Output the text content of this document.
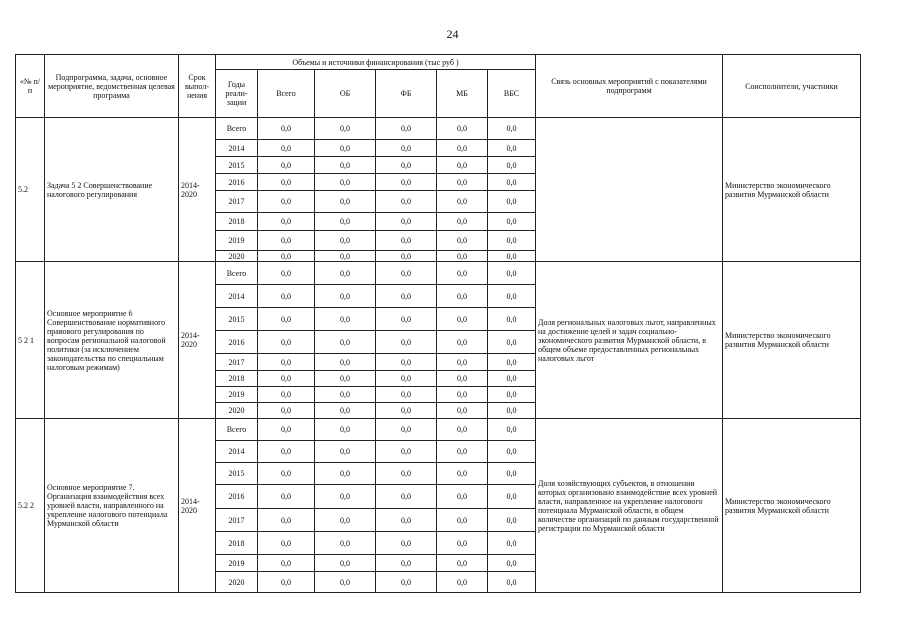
24
«№ п/п	Подпрограмма, задача, основное мероприятие, ведомственная целевая программа	Срок выпол-нения	Объемы и источники финансирования (тыс руб )						Связь основных мероприятий с показателями подпрограмм	Соисполнители, участники
			Годы реали-зации	Всего	ОБ	ФБ	МБ	ВБС		
5.2	Задача 5 2 Совершенствование налогового регулирования	2014-2020	Всего	0,0	0,0	0,0	0,0	0,0		Министерство экономического развития Мурманской области
			2014	0,0	0,0	0,0	0,0	0,0		
			2015	0,0	0,0	0,0	0,0	0,0		
			2016	0,0	0,0	0,0	0,0	0,0		
			2017	0,0	0,0	0,0	0,0	0,0		
			2018	0,0	0,0	0,0	0,0	0,0		
			2019	0,0	0,0	0,0	0,0	0,0		
			2020	0,0	0,0	0,0	0,0	0,0		
5 2 1	Основное мероприятие 6 Совершенствование нормативного правового регулирования по вопросам региональной налоговой политики (за исключением законодательства по специальным налоговым режимам)	2014-2020	Всего	0,0	0,0	0,0	0,0	0,0	Доля региональных налоговых льгот, направленных на достижение целей и задач социально-экономического развития Мурманской области, в общем объеме предоставленных региональных налоговых льгот	Министерство экономического развития Мурманской области
			2014	0,0	0,0	0,0	0,0	0,0		
			2015	0,0	0,0	0,0	0,0	0,0		
			2016	0,0	0,0	0,0	0,0	0,0		
			2017	0,0	0,0	0,0	0,0	0,0		
			2018	0,0	0,0	0,0	0,0	0,0		
			2019	0,0	0,0	0,0	0,0	0,0		
			2020	0,0	0,0	0,0	0,0	0,0		
5.2 2	Основное мероприятие 7. Организация взаимодействия всех уровней власти, направленного на укрепление налогового потенциала Мурманской области	2014-2020	Всего	0,0	0,0	0,0	0,0	0,0	Доля хозяйствующих субъектов, в отношении которых организовано взаимодействие всех уровней власти, направленное на укрепление налогового потенциала Мурманской области, в общем количестве организаций по данным государственной регистрации по Мурманской области	Министерство экономического развития Мурманской области
			2014	0,0	0,0	0,0	0,0	0,0		
			2015	0,0	0,0	0,0	0,0	0,0		
			2016	0,0	0,0	0,0	0,0	0,0		
			2017	0,0	0,0	0,0	0,0	0,0		
			2018	0,0	0,0	0,0	0,0	0,0		
			2019	0,0	0,0	0,0	0,0	0,0		
			2020	0,0	0,0	0,0	0,0	0,0		
